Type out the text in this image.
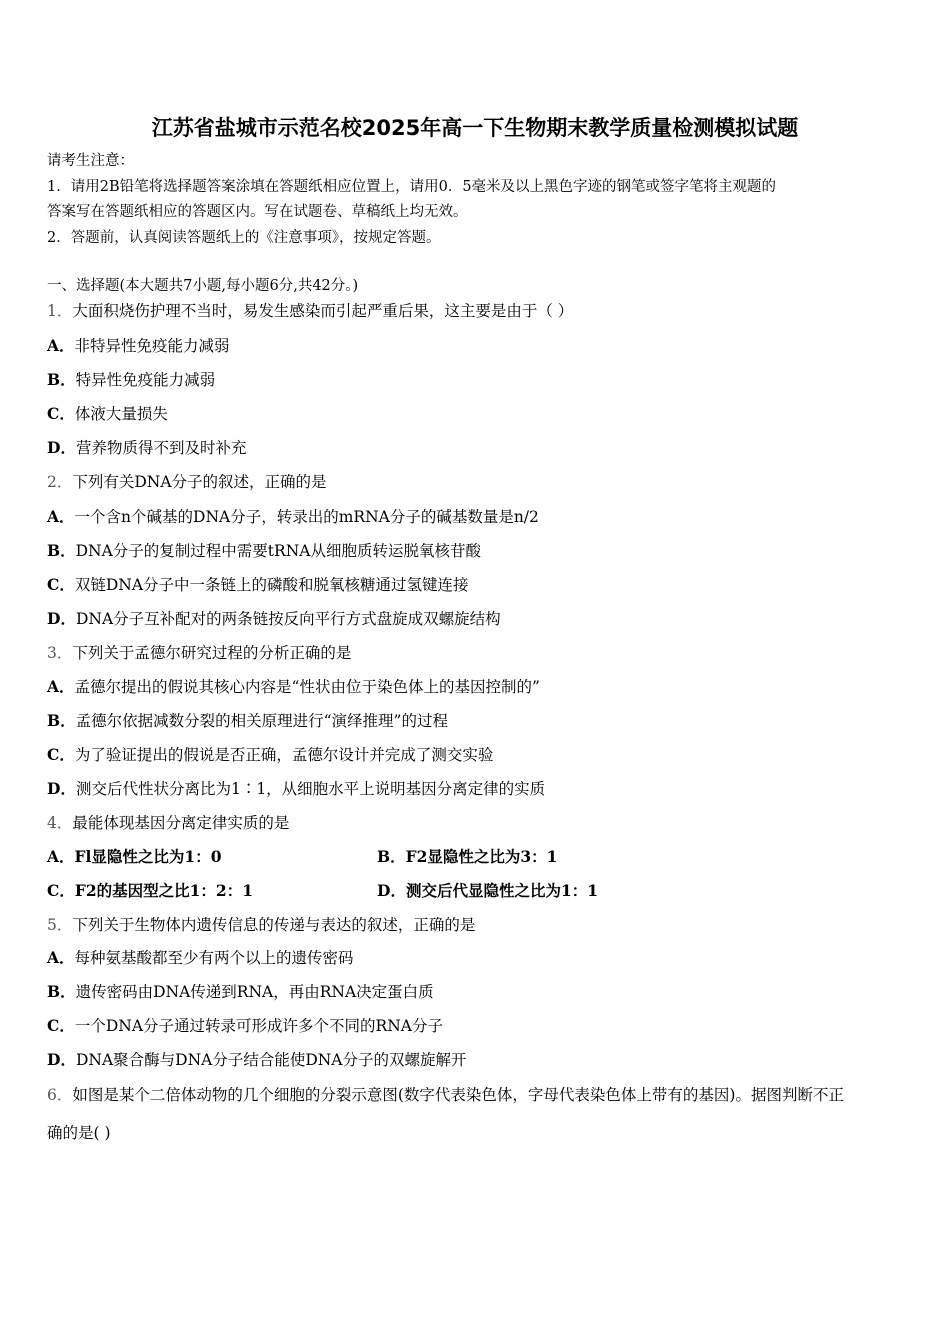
江苏省盐城市示范名校2025年高一下生物期末教学质量检测模拟试题
请考生注意：
1．请用2B铅笔将选择题答案涂填在答题纸相应位置上，请用0．5毫米及以上黑色字迹的钢笔或签字笔将主观题的
答案写在答题纸相应的答题区内。写在试题卷、草稿纸上均无效。
2．答题前，认真阅读答题纸上的《注意事项》，按规定答题。
一、选择题(本大题共7小题,每小题6分,共42分。)
1．大面积烧伤护理不当时，易发生感染而引起严重后果，这主要是由于（ ）
A．非特异性免疫能力减弱
B．特异性免疫能力减弱
C．体液大量损失
D．营养物质得不到及时补充
2．下列有关DNA分子的叙述，正确的是
A．一个含n个碱基的DNA分子，转录出的mRNA分子的碱基数量是n/2
B．DNA分子的复制过程中需要tRNA从细胞质转运脱氧核苷酸
C．双链DNA分子中一条链上的磷酸和脱氧核糖通过氢键连接
D．DNA分子互补配对的两条链按反向平行方式盘旋成双螺旋结构
3．下列关于孟德尔研究过程的分析正确的是
A．孟德尔提出的假说其核心内容是“性状由位于染色体上的基因控制的”
B．孟德尔依据减数分裂的相关原理进行“演绎推理”的过程
C．为了验证提出的假说是否正确，孟德尔设计并完成了测交实验
D．测交后代性状分离比为1∶1，从细胞水平上说明基因分离定律的实质
4．最能体现基因分离定律实质的是
A．Fl显隐性之比为1：0	B．F2显隐性之比为3：1
C．F2的基因型之比1：2：1	D．测交后代显隐性之比为1：1
5．下列关于生物体内遗传信息的传递与表达的叙述，正确的是
A．每种氨基酸都至少有两个以上的遗传密码
B．遗传密码由DNA传递到RNA，再由RNA决定蛋白质
C．一个DNA分子通过转录可形成许多个不同的RNA分子
D．DNA聚合酶与DNA分子结合能使DNA分子的双螺旋解开
6．如图是某个二倍体动物的几个细胞的分裂示意图(数字代表染色体，字母代表染色体上带有的基因)。据图判断不正
确的是( )
